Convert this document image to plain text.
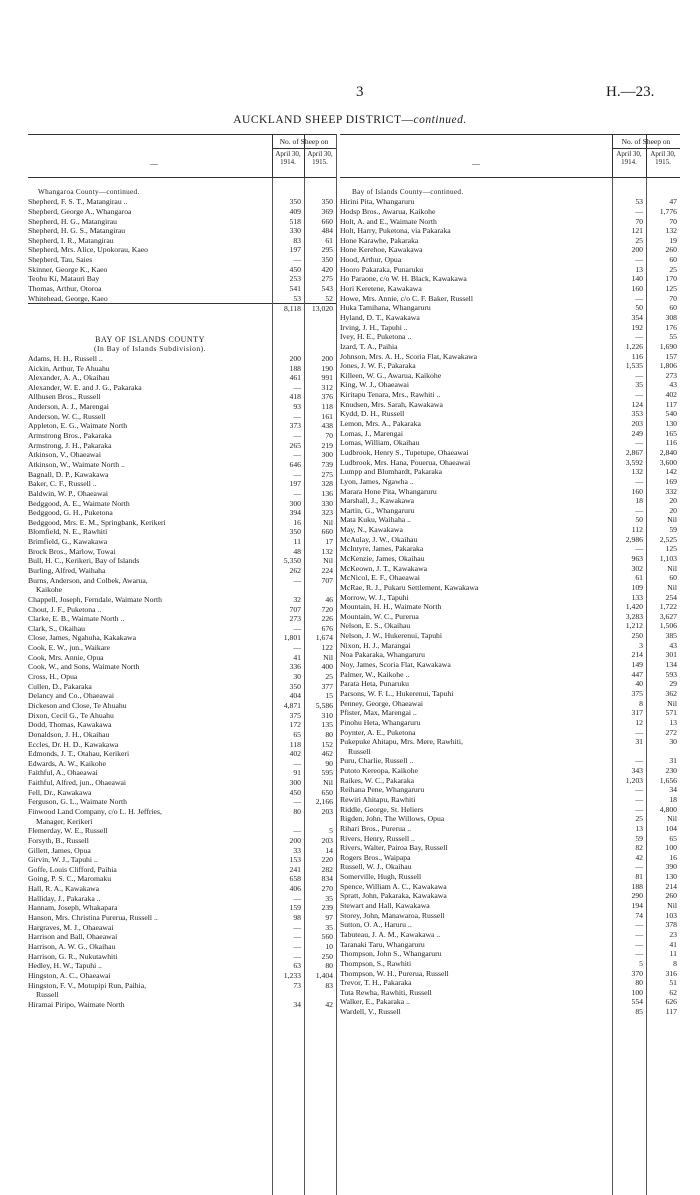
3	H.—23.
AUCKLAND SHEEP DISTRICT—continued.
—
No. of Sheep on
April 30, 1914.
April 30, 1915.
Whangaroa County—continued.
Shepherd, F. S. T., Matangirau ..	350	350
Shepherd, George A., Whangaroa	409	369
Shepherd, H. G., Matangirau	518	660
Shepherd, H. G. S., Matangirau	330	484
Shepherd, I. R., Matangirau	83	61
Shepherd, Mrs. Alice, Upokorau, Kaeo	197	295
Shepherd, Tau, Saies	—	350
Skinner, George K., Kaeo	450	420
Teohu Ki, Matauri Bay	253	275
Thomas, Arthur, Otoroa	541	543
Whitehead, George, Kaeo	53	52
8,118	13,020
BAY OF ISLANDS COUNTY
(In Bay of Islands Subdivision).
Adams, H. H., Russell ..	200	200
Aickin, Arthur, Te Ahuahu	188	190
Alexander, A. A., Okaihau	461	991
Alexander, W. E. and J. G., Pakaraka	—	312
Allhusen Bros., Russell	418	376
Anderson, A. J., Marengai	93	118
Anderson, W. C., Russell	—	161
Appleton, E. G., Waimate North	373	438
Armstrong Bros., Pakaraka	—	70
Armstrong, J. H., Pakaraka	265	219
Atkinson, V., Ohaeawai	—	300
Atkinson, W., Waimate North ..	646	739
Bagnall, D. P., Kawakawa	—	275
Baker, C. F., Russell ..	197	328
Baldwin, W. P., Ohaeawai	—	136
Bedggood, A. E., Waimate North	300	330
Bedggood, G. H., Puketona	394	323
Bedggood, Mrs. E. M., Springbank, Kerikeri	16	Nil
Blomfield, N. E., Rawhiti	350	660
Brimfield, G., Kawakawa	11	17
Brock Bros., Marlow, Towai	48	132
Bull, H. C., Kerikeri, Bay of Islands	5,350	Nil
Burling, Alfred, Waihaha	262	224
Burns, Anderson, and Colbek, Awarua,	—	707
Kaikohe
Chappell, Joseph, Ferndale, Waimate North	32	46
Chout, J. F., Puketona ..	707	720
Clarke, E. B., Waimate North ..	273	226
Clark, S., Okaihau	—	676
Close, James, Ngahuha, Kakakawa	1,801	1,674
Cook, E. W., jun., Waikare	—	122
Cook, Mrs. Annie, Opua	41	Nil
Cook, W., and Sons, Waimate North	336	400
Cross, H., Opua	30	25
Cullen, D., Pakaraka	350	377
Delancy and Co., Ohaeawai	404	15
Dickeson and Close, Te Ahuahu	4,871	5,586
Dixon, Cecil G., Te Ahuahu	375	310
Dodd, Thomas, Kawakawa	172	135
Donaldson, J. H., Okaihau	65	80
Eccles, Dr. H. D., Kawakawa	118	152
Edmonds, J. T., Otahau, Kerikeri	402	462
Edwards, A. W., Kaikohe	—	90
Faithful, A., Ohaeawai	91	595
Faithful, Alfred, jun., Ohaeawai	300	Nil
Fell, Dr., Kawakawa	450	650
Ferguson, G. L., Waimate North	—	2,166
Finwood Land Company, c/o L. H. Jeffries,	80	203
Manager, Kerikeri
Flemerday, W. E., Russell	—	5
Forsyth, B., Russell	200	203
Gillett, James, Opua	33	14
Girvin, W. J., Tapuhi ..	153	220
Goffe, Louis Clifford, Paihia	241	282
Going, P. S. C., Maromaku	658	834
Hall, R. A., Kawakawa	406	270
Halliday, J., Pakaraka ..	—	35
Hannam, Joseph, Whakapara	159	239
Hanson, Mrs. Christina Purerua, Russell ..	98	97
Hargraves, M. J., Ohaeawai	—	35
Harrison and Ball, Ohaeawai	—	560
Harrison, A. W. G., Okaihau	—	10
Harrison, G. R., Nukutawhiti	—	250
Hedley, H. W., Tapuhi ..	63	80
Hingston, A. C., Ohaeawai	1,233	1,404
Hingston, F. V., Motupipi Run, Paihia,	73	83
Russell
Hiramai Piripo, Waimate North	34	42
—
No. of Sheep on
April 30, 1914.
April 30, 1915.
Bay of Islands County—continued.
Hirini Pita, Whangaruru	53	47
Hodsp Bros., Awarua, Kaikohe	—	1,776
Holt, A. and E., Waimate North	70	70
Holt, Harry, Puketona, via Pakaraka	121	132
Hone Karawhe, Pakaraka	25	19
Hone Kerehoe, Kawakawa	200	260
Hood, Arthur, Opua	—	60
Hooro Pakaraka, Punaruku	13	25
Ho Paraone, c/o W. H. Black, Kawakawa	140	170
Hori Keretene, Kawakawa	160	125
Howe, Mrs. Annie, c/o C. F. Baker, Russell	—	70
Huka Tamihana, Whangaruru	50	60
Hyland, D. T., Kawakawa	354	308
Irving, J. H., Tapuhi ..	192	176
Ivey, H. E., Puketona ..	—	55
Izard, T. A., Paihia	1,226	1,690
Johnson, Mrs. A. H., Scoria Flat, Kawakawa	116	157
Jones, J. W. F., Pakaraka	1,535	1,806
Killeen, W. G., Awarua, Kaikohe	—	273
King, W. J., Ohaeawai	35	43
Kiritapu Tenara, Mrs., Rawhiti ..	—	402
Knudsen, Mrs. Sarah, Kawakawa	124	117
Kydd, D. H., Russell	353	540
Lemon, Mrs. A., Pakaraka	203	130
Lomas, J., Marengai	249	165
Lomas, William, Okaihau	—	116
Ludbrook, Henry S., Tupetupe, Ohaeawai	2,867	2,840
Ludbrook, Mrs. Hana, Pouerua, Ohaeawai	3,592	3,600
Lumpp and Blumhardt, Pakaraka	132	142
Lyon, James, Ngawha ..	—	169
Marara Hone Pita, Whangaruru	160	332
Marshall, J., Kawakawa	18	20
Martin, G., Whangaruru	—	20
Mata Kuku, Waihaha ..	50	Nil
May, N., Kawakawa	112	59
McAulay, J. W., Okaihau	2,986	2,525
McIntyre, James, Pakaraka	—	125
McKenzie, James, Okaihau	963	1,103
McKeown, J. T., Kawakawa	302	Nil
McNicol, E. F., Ohaeawai	61	60
McRae, R. J., Pukaru Settlement, Kawakawa	109	Nil
Morrow, W. J., Tapuhi	133	254
Mountain, H. H., Waimate North	1,420	1,722
Mountain, W. C., Purerua	3,283	3,627
Nelson, E. S., Okaihau	1,212	1,506
Nelson, J. W., Hukerenui, Tapuhi	250	385
Nixon, H. J., Marangai	3	43
Noa Pakaraka, Whangaruru	214	301
Noy, James, Scoria Flat, Kawakawa	149	134
Palmer, W., Kaikohe ..	447	593
Parata Heta, Punaruku	40	29
Parsons, W. F. L., Hukerenui, Tapuhi	375	362
Penney, George, Ohaeawai	8	Nil
Pfister, Max, Marengai ..	317	571
Pinohu Heta, Whangaruru	12	13
Poynter, A. E., Puketona	—	272
Pukepuke Ahitapu, Mrs. Mere, Rawhiti,	31	30
Russell
Puru, Charlie, Russell ..	—	31
Putoto Kereopa, Kaikohe	343	230
Raikes, W. C., Pakaraka	1,203	1,656
Reihana Pene, Whangaruru	—	34
Rewiri Ahitapu, Rawhiti	—	18
Riddle, George, St. Heliers	—	4,800
Rigden, John, The Willows, Opua	25	Nil
Rihari Bros., Purerua ..	13	104
Rivers, Henry, Russell ..	59	65
Rivers, Walter, Pairoa Bay, Russell	82	100
Rogers Bros., Waipapa	42	16
Russell, W. J., Okaihau	—	390
Somerville, Hugh, Russell	81	130
Spence, William A. C., Kawakawa	188	214
Spratt, John, Pakaraka, Kawakawa	290	260
Stewart and Hall, Kawakawa	194	Nil
Storey, John, Manawaroa, Russell	74	103
Sutton, O. A., Haruru ..	—	378
Tabuteau, J. A. M., Kawakawa ..	—	23
Taranaki Taru, Whangaruru	—	41
Thompson, John S., Whangaruru	—	11
Thompson, S., Rawhiti	5	8
Thompson, W. H., Purerua, Russell	370	316
Trevor, T. H., Pakaraka	80	51
Tuta Rewha, Rawhiti, Russell	100	62
Walker, E., Pakaraka ..	554	626
Wardell, V., Russell	85	117
